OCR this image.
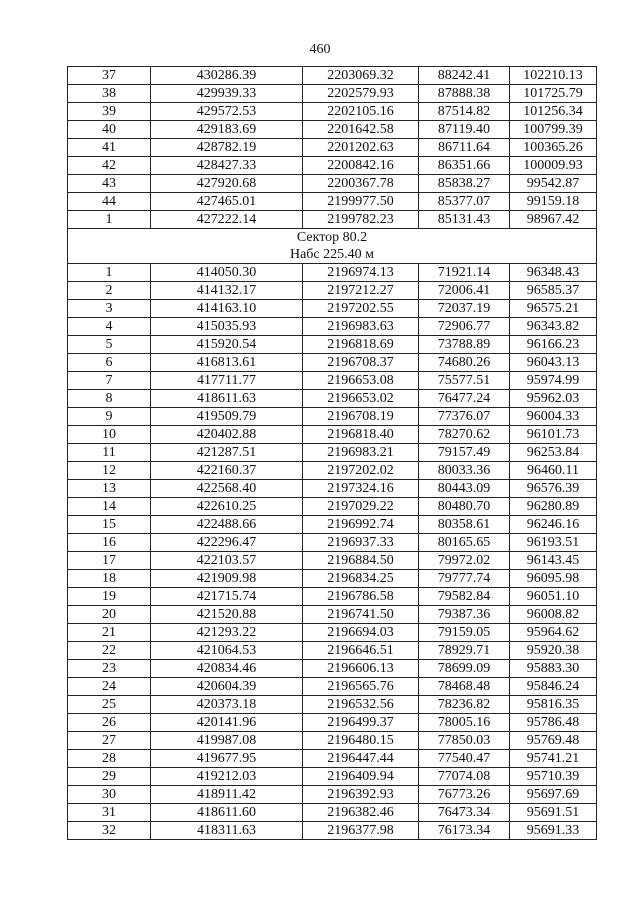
460
37	430286.39	2203069.32	88242.41	102210.13
38	429939.33	2202579.93	87888.38	101725.79
39	429572.53	2202105.16	87514.82	101256.34
40	429183.69	2201642.58	87119.40	100799.39
41	428782.19	2201202.63	86711.64	100365.26
42	428427.33	2200842.16	86351.66	100009.93
43	427920.68	2200367.78	85838.27	99542.87
44	427465.01	2199977.50	85377.07	99159.18
1	427222.14	2199782.23	85131.43	98967.42

Сектор 80.2
Набс 225.40 м				

1	414050.30	2196974.13	71921.14	96348.43
2	414132.17	2197212.27	72006.41	96585.37
3	414163.10	2197202.55	72037.19	96575.21
4	415035.93	2196983.63	72906.77	96343.82
5	415920.54	2196818.69	73788.89	96166.23
6	416813.61	2196708.37	74680.26	96043.13
7	417711.77	2196653.08	75577.51	95974.99
8	418611.63	2196653.02	76477.24	95962.03
9	419509.79	2196708.19	77376.07	96004.33
10	420402.88	2196818.40	78270.62	96101.73
11	421287.51	2196983.21	79157.49	96253.84
12	422160.37	2197202.02	80033.36	96460.11
13	422568.40	2197324.16	80443.09	96576.39
14	422610.25	2197029.22	80480.70	96280.89
15	422488.66	2196992.74	80358.61	96246.16
16	422296.47	2196937.33	80165.65	96193.51
17	422103.57	2196884.50	79972.02	96143.45
18	421909.98	2196834.25	79777.74	96095.98
19	421715.74	2196786.58	79582.84	96051.10
20	421520.88	2196741.50	79387.36	96008.82
21	421293.22	2196694.03	79159.05	95964.62
22	421064.53	2196646.51	78929.71	95920.38
23	420834.46	2196606.13	78699.09	95883.30
24	420604.39	2196565.76	78468.48	95846.24
25	420373.18	2196532.56	78236.82	95816.35
26	420141.96	2196499.37	78005.16	95786.48
27	419987.08	2196480.15	77850.03	95769.48
28	419677.95	2196447.44	77540.47	95741.21
29	419212.03	2196409.94	77074.08	95710.39
30	418911.42	2196392.93	76773.26	95697.69
31	418611.60	2196382.46	76473.34	95691.51
32	418311.63	2196377.98	76173.34	95691.33
